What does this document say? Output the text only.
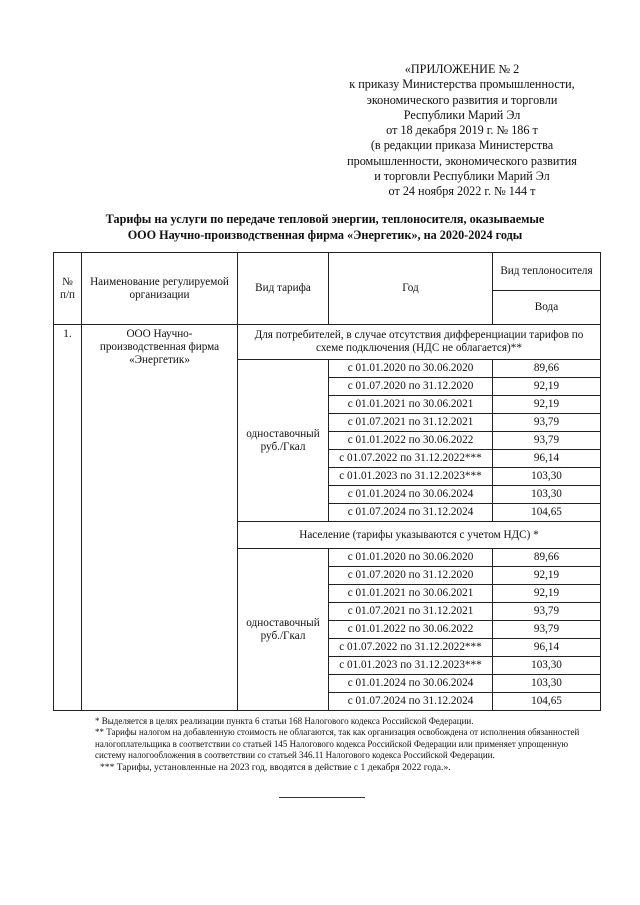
«ПРИЛОЖЕНИЕ № 2
к приказу Министерства промышленности,
экономического развития и торговли
Республики Марий Эл
от 18 декабря 2019 г. № 186 т
(в редакции приказа Министерства
промышленности, экономического развития
и торговли Республики Марий Эл
от 24 ноября 2022 г. № 144 т
Тарифы на услуги по передаче тепловой энергии, теплоносителя, оказываемые
ООО Научно-производственная фирма «Энергетик», на 2020-2024 годы
№ п/п	Наименование регулируемой организации	Вид тарифа	Год	Вид теплоносителя
				Вода
1.	ООО Научно-производственная фирма «Энергетик»	Для потребителей, в случае отсутствия дифференциации тарифов по схеме подключения (НДС не облагается)**		
		одноставочный руб./Гкал	с 01.01.2020 по 30.06.2020	89,66
			с 01.07.2020 по 31.12.2020	92,19
			с 01.01.2021 по 30.06.2021	92,19
			с 01.07.2021 по 31.12.2021	93,79
			с 01.01.2022 по 30.06.2022	93,79
			с 01.07.2022 по 31.12.2022***	96,14
			с 01.01.2023 по 31.12.2023***	103,30
			с 01.01.2024 по 30.06.2024	103,30
			с 01.07.2024 по 31.12.2024	104,65
		Население (тарифы указываются с учетом НДС) *		
		одноставочный руб./Гкал	с 01.01.2020 по 30.06.2020	89,66
			с 01.07.2020 по 31.12.2020	92,19
			с 01.01.2021 по 30.06.2021	92,19
			с 01.07.2021 по 31.12.2021	93,79
			с 01.01.2022 по 30.06.2022	93,79
			с 01.07.2022 по 31.12.2022***	96,14
			с 01.01.2023 по 31.12.2023***	103,30
			с 01.01.2024 по 30.06.2024	103,30
			с 01.07.2024 по 31.12.2024	104,65

* Выделяется в целях реализации пункта 6 статьи 168 Налогового кодекса Российской Федерации.

** Тарифы налогом на добавленную стоимость не облагаются, так как организация освобождена от исполнения обязанностей налогоплательщика в соответствии со статьей 145 Налогового кодекса Российской Федерации или применяет упрощенную систему налогообложения в соответствии со статьей 346.11 Налогового кодекса Российской Федерации.

*** Тарифы, установленные на 2023 год, вводятся в действие с 1 декабря 2022 года.».
